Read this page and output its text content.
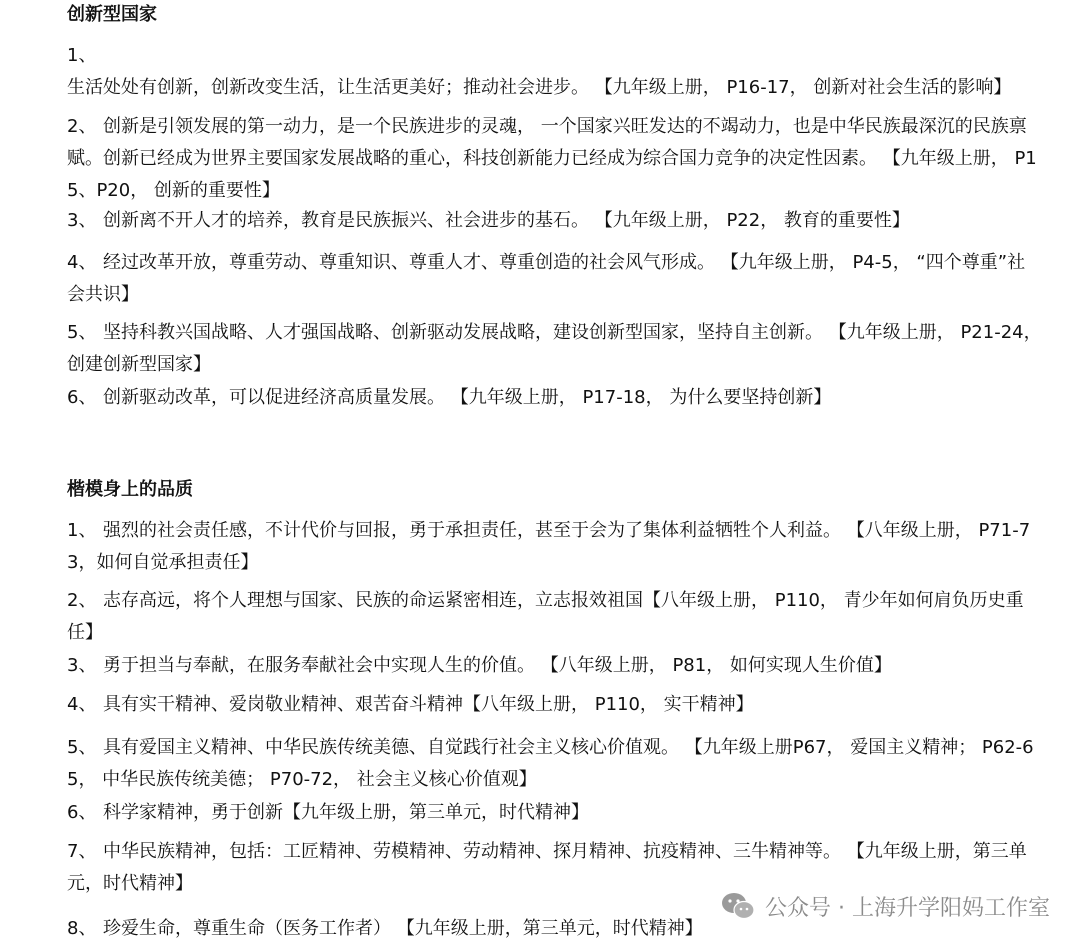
创新型国家

1、生活处处有创新，创新改变生活，让生活更美好；推动社会进步。 【九年级上册， P16-17， 创新对社会生活的影响】

2、 创新是引领发展的第一动力，是一个民族进步的灵魂， 一个国家兴旺发达的不竭动力，也是中华民族最深沉的民族禀赋。创新已经成为世界主要国家发展战略的重心，科技创新能力已经成为综合国力竞争的决定性因素。 【九年级上册， P15、P20， 创新的重要性】

3、 创新离不开人才的培养，教育是民族振兴、社会进步的基石。 【九年级上册， P22， 教育的重要性】

4、 经过改革开放，尊重劳动、尊重知识、尊重人才、尊重创造的社会风气形成。 【九年级上册， P4-5， “四个尊重”社会共识】

5、 坚持科教兴国战略、人才强国战略、创新驱动发展战略，建设创新型国家，坚持自主创新。 【九年级上册， P21-24， 创建创新型国家】

6、 创新驱动改革，可以促进经济高质量发展。 【九年级上册， P17-18， 为什么要坚持创新】

楷模身上的品质

1、 强烈的社会责任感，不计代价与回报，勇于承担责任，甚至于会为了集体利益牺牲个人利益。 【八年级上册， P71-73，如何自觉承担责任】

2、 志存高远，将个人理想与国家、民族的命运紧密相连，立志报效祖国【八年级上册， P110， 青少年如何肩负历史重任】

3、 勇于担当与奉献，在服务奉献社会中实现人生的价值。 【八年级上册， P81， 如何实现人生价值】

4、 具有实干精神、爱岗敬业精神、艰苦奋斗精神【八年级上册， P110， 实干精神】

5、 具有爱国主义精神、中华民族传统美德、自觉践行社会主义核心价值观。 【九年级上册P67， 爱国主义精神； P62-65， 中华民族传统美德； P70-72， 社会主义核心价值观】

6、 科学家精神，勇于创新【九年级上册，第三单元，时代精神】

7、 中华民族精神，包括：工匠精神、劳模精神、劳动精神、探月精神、抗疫精神、三牛精神等。 【九年级上册，第三单元，时代精神】

8、 珍爱生命，尊重生命（医务工作者） 【九年级上册，第三单元，时代精神】

公众号 · 上海升学阳妈工作室
